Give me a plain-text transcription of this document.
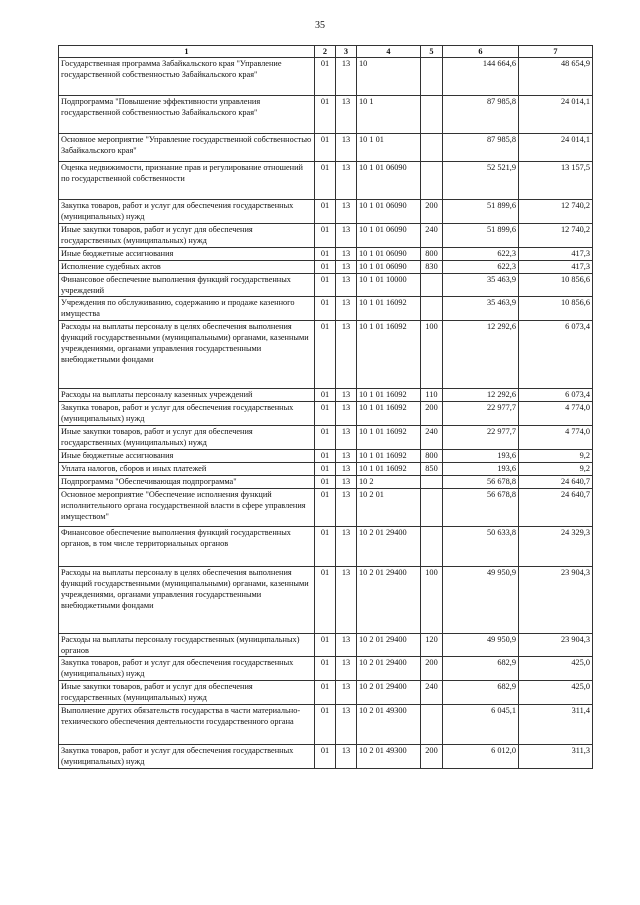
35
1	2	3	4	5	6	7
Государственная программа Забайкальского края "Управление государственной собственностью Забайкальского края"	01	13	10		144 664,6	48 654,9
Подпрограмма "Повышение эффективности управления государственной собственностью Забайкальского края"	01	13	10 1		87 985,8	24 014,1
Основное мероприятие "Управление государственной собственностью Забайкальского края"	01	13	10 1 01		87 985,8	24 014,1
Оценка недвижимости, признание прав и регулирование отношений по государственной собственности	01	13	10 1 01 06090		52 521,9	13 157,5
Закупка товаров, работ и услуг для обеспечения государственных (муниципальных) нужд	01	13	10 1 01 06090	200	51 899,6	12 740,2
Иные закупки товаров, работ и услуг для обеспечения государственных (муниципальных) нужд	01	13	10 1 01 06090	240	51 899,6	12 740,2
Иные бюджетные ассигнования	01	13	10 1 01 06090	800	622,3	417,3
Исполнение судебных актов	01	13	10 1 01 06090	830	622,3	417,3
Финансовое обеспечение выполнения функций государственных учреждений	01	13	10 1 01 10000		35 463,9	10 856,6
Учреждения по обслуживанию, содержанию и продаже казенного имущества	01	13	10 1 01 16092		35 463,9	10 856,6
Расходы на выплаты персоналу в целях обеспечения выполнения функций государственными (муниципальными) органами, казенными учреждениями, органами управления государственными внебюджетными фондами	01	13	10 1 01 16092	100	12 292,6	6 073,4
Расходы на выплаты персоналу казенных учреждений	01	13	10 1 01 16092	110	12 292,6	6 073,4
Закупка товаров, работ и услуг для обеспечения государственных (муниципальных) нужд	01	13	10 1 01 16092	200	22 977,7	4 774,0
Иные закупки товаров, работ и услуг для обеспечения государственных (муниципальных) нужд	01	13	10 1 01 16092	240	22 977,7	4 774,0
Иные бюджетные ассигнования	01	13	10 1 01 16092	800	193,6	9,2
Уплата налогов, сборов и иных платежей	01	13	10 1 01 16092	850	193,6	9,2
Подпрограмма "Обеспечивающая подпрограмма"	01	13	10 2		56 678,8	24 640,7
Основное мероприятие "Обеспечение исполнения функций исполнительного органа государственной власти в сфере управления имуществом"	01	13	10 2 01		56 678,8	24 640,7
Финансовое обеспечение выполнения функций государственных органов, в том числе территориальных органов	01	13	10 2 01 29400		50 633,8	24 329,3
Расходы на выплаты персоналу в целях обеспечения выполнения функций государственными (муниципальными) органами, казенными учреждениями, органами управления государственными внебюджетными фондами	01	13	10 2 01 29400	100	49 950,9	23 904,3
Расходы на выплаты персоналу государственных (муниципальных) органов	01	13	10 2 01 29400	120	49 950,9	23 904,3
Закупка товаров, работ и услуг для обеспечения государственных (муниципальных) нужд	01	13	10 2 01 29400	200	682,9	425,0
Иные закупки товаров, работ и услуг для обеспечения государственных (муниципальных) нужд	01	13	10 2 01 29400	240	682,9	425,0
Выполнение других обязательств государства в части материально-технического обеспечения деятельности государственного органа	01	13	10 2 01 49300		6 045,1	311,4
Закупка товаров, работ и услуг для обеспечения государственных (муниципальных) нужд	01	13	10 2 01 49300	200	6 012,0	311,3
